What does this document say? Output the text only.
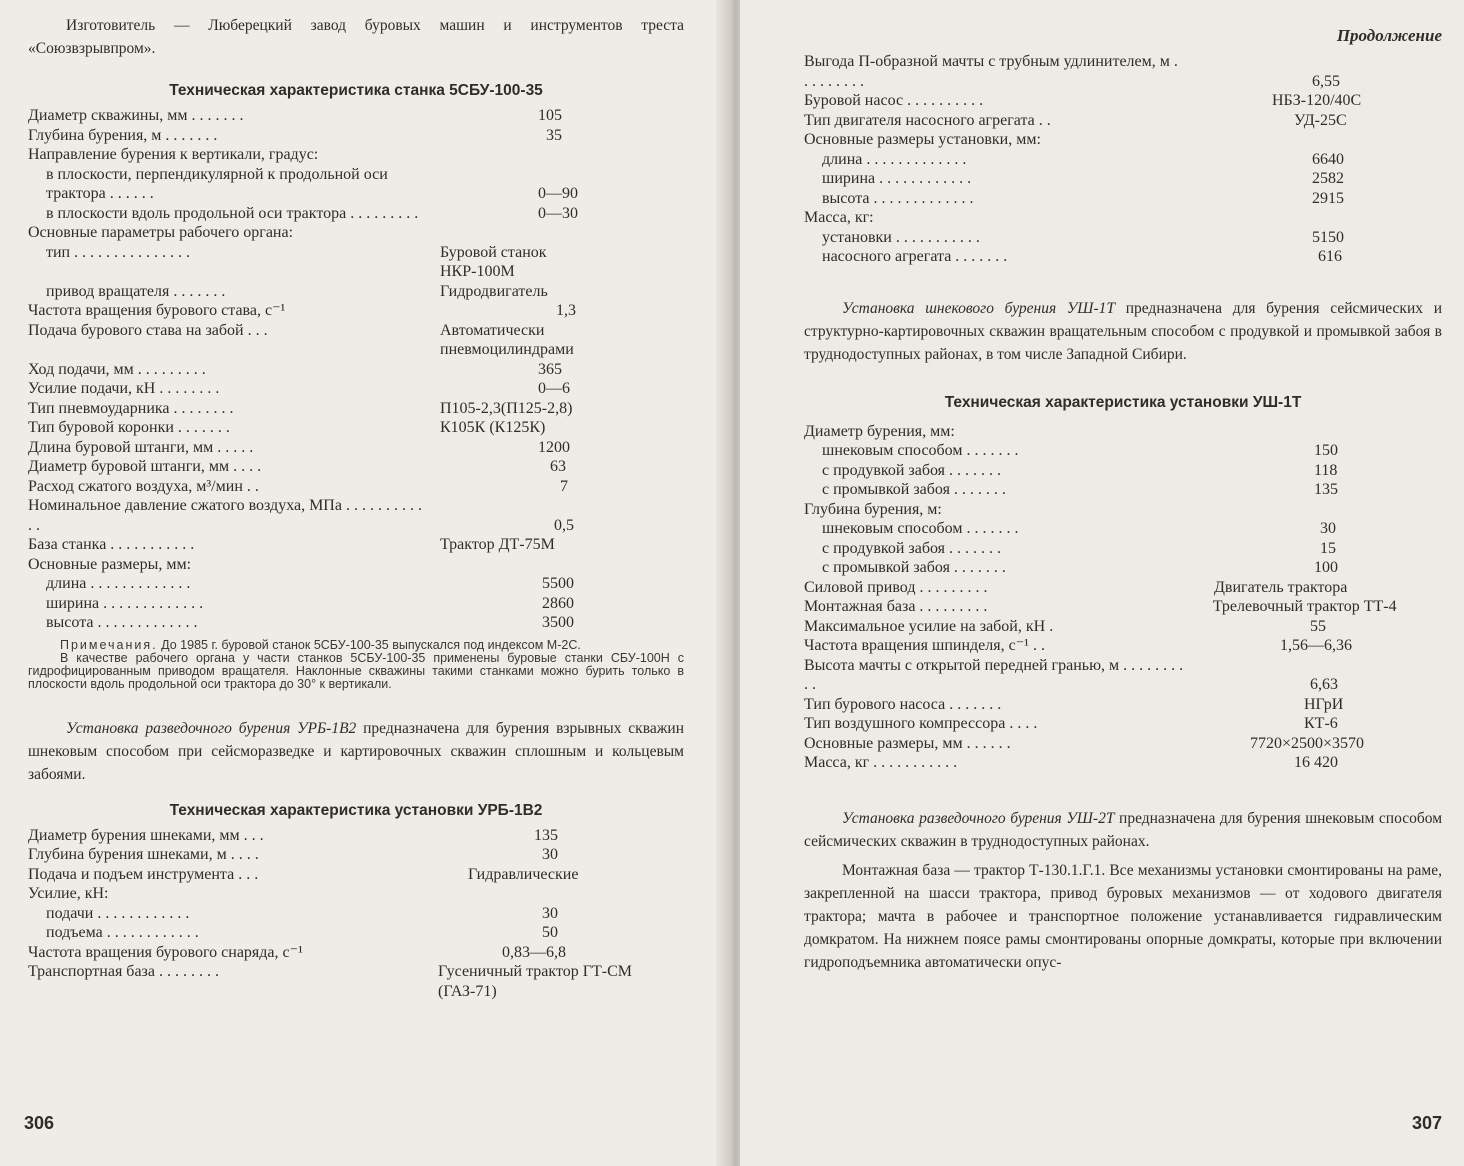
Изготовитель — Люберецкий завод буровых машин и инструментов треста «Союзвзрывпром».

Техническая характеристика станка 5СБУ-100-35

Диаметр скважины, мм . . . . . . .	105
Глубина бурения, м . . . . . . .	35
Направление бурения к вертикали, градус:
в плоскости, перпендикулярной к продольной оси трактора . . . . . .	0—90
в плоскости вдоль продольной оси трактора . . . . . . . . .	0—30
Основные параметры рабочего органа:
тип . . . . . . . . . . . . . . .	Буровой станок НКР-100М
привод вращателя . . . . . . .	Гидродвигатель
Частота вращения бурового става, с⁻¹	1,3
Подача бурового става на забой . . .	Автоматически пневмоцилиндрами
Ход подачи, мм . . . . . . . . .	365
Усилие подачи, кН . . . . . . . .	0—6
Тип пневмоударника . . . . . . . .	П105-2,3(П125-2,8)
Тип буровой коронки . . . . . . .	К105К (К125К)
Длина буровой штанги, мм . . . . .	1200
Диаметр буровой штанги, мм . . . .	63
Расход сжатого воздуха, м³/мин . .	7
Номинальное давление сжатого воздуха, МПа . . . . . . . . . . . .	0,5
База станка . . . . . . . . . . .	Трактор ДТ-75М
Основные размеры, мм:
длина . . . . . . . . . . . . .	5500
ширина . . . . . . . . . . . . .	2860
высота . . . . . . . . . . . . .	3500

Примечания. До 1985 г. буровой станок 5СБУ-100-35 выпускался под индексом М-2С.

В качестве рабочего органа у части станков 5СБУ-100-35 применены буровые станки СБУ-100Н с гидрофицированным приводом вращателя. Наклонные скважины такими станками можно бурить только в плоскости вдоль продольной оси трактора до 30° к вертикали.

Установка разведочного бурения УРБ-1В2 предназначена для бурения взрывных скважин шнековым способом при сейсморазведке и картировочных скважин сплошным и кольцевым забоями.

Техническая характеристика установки УРБ-1В2

Диаметр бурения шнеками, мм . . .	135
Глубина бурения шнеками, м . . . .	30
Подача и подъем инструмента . . .	Гидравлические
Усилие, кН:
подачи . . . . . . . . . . . .	30
подъема . . . . . . . . . . . .	50
Частота вращения бурового снаряда, с⁻¹	0,83—6,8
Транспортная база . . . . . . . .	Гусеничный трактор ГТ-СМ (ГАЗ-71)
306

Продолжение

Выгода П-образной мачты с трубным удлинителем, м . . . . . . . . .	6,55
Буровой насос . . . . . . . . . .	НБЗ-120/40С
Тип двигателя насосного агрегата . .	УД-25С
Основные размеры установки, мм:
длина . . . . . . . . . . . . .	6640
ширина . . . . . . . . . . . .	2582
высота . . . . . . . . . . . . .	2915
Масса, кг:
установки . . . . . . . . . . .	5150
насосного агрегата . . . . . . .	616

Установка шнекового бурения УШ-1Т предназначена для бурения сейсмических и структурно-картировочных скважин вращательным способом с продувкой и промывкой забоя в труднодоступных районах, в том числе Западной Сибири.

Техническая характеристика установки УШ-1Т

Диаметр бурения, мм:
шнековым способом . . . . . . .	150
с продувкой забоя . . . . . . .	118
с промывкой забоя . . . . . . .	135
Глубина бурения, м:
шнековым способом . . . . . . .	30
с продувкой забоя . . . . . . .	15
с промывкой забоя . . . . . . .	100
Силовой привод . . . . . . . . .	Двигатель трактора
Монтажная база . . . . . . . . .	Трелевочный трактор ТТ-4
Максимальное усилие на забой, кН .	55
Частота вращения шпинделя, с⁻¹ . .	1,56—6,36
Высота мачты с открытой передней гранью, м . . . . . . . . . .	6,63
Тип бурового насоса . . . . . . .	НГрИ
Тип воздушного компрессора . . . .	КТ-6
Основные размеры, мм . . . . . .	7720×2500×3570
Масса, кг . . . . . . . . . . .	16 420

Установка разведочного бурения УШ-2Т предназначена для бурения шнековым способом сейсмических скважин в труднодоступных районах.

Монтажная база — трактор Т-130.1.Г.1. Все механизмы установки смонтированы на раме, закрепленной на шасси трактора, привод буровых механизмов — от ходового двигателя трактора; мачта в рабочее и транспортное положение устанавливается гидравлическим домкратом. На нижнем поясе рамы смонтированы опорные домкраты, которые при включении гидроподъемника автоматически опус-

307
